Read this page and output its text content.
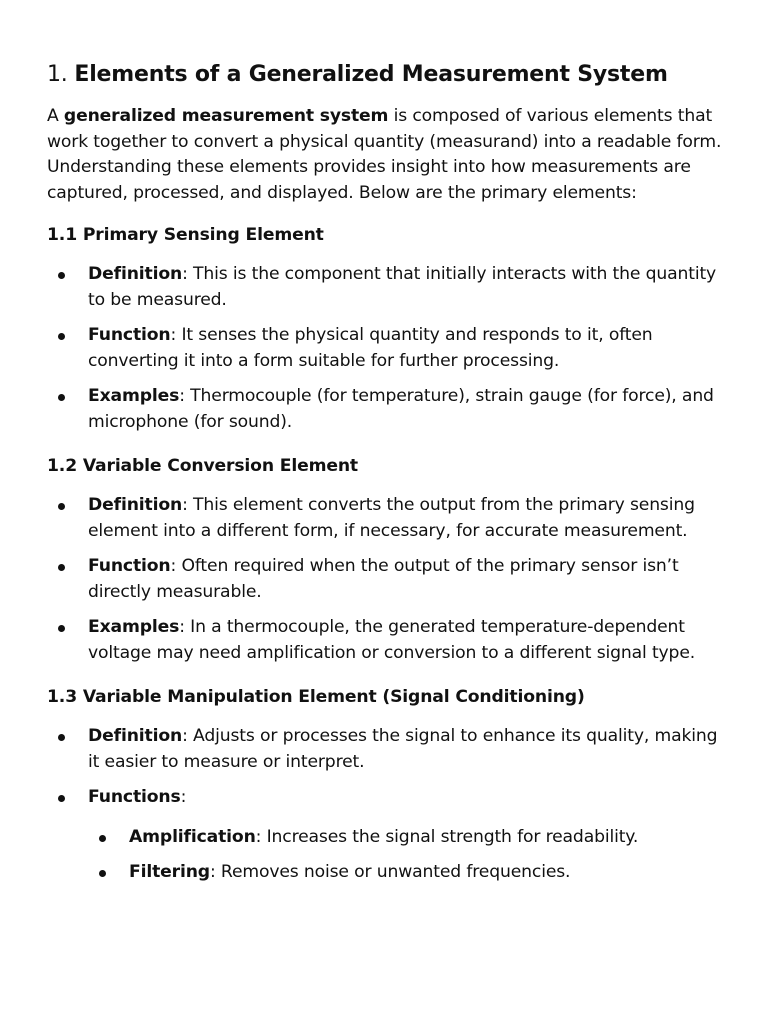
1. Elements of a Generalized Measurement System

A generalized measurement system is composed of various elements that work together to convert a physical quantity (measurand) into a readable form. Understanding these elements provides insight into how measurements are captured, processed, and displayed. Below are the primary elements:

1.1 Primary Sensing Element
Definition: This is the component that initially interacts with the quantity to be measured.
Function: It senses the physical quantity and responds to it, often converting it into a form suitable for further processing.
Examples: Thermocouple (for temperature), strain gauge (for force), and microphone (for sound).
1.2 Variable Conversion Element
Definition: This element converts the output from the primary sensing element into a different form, if necessary, for accurate measurement.
Function: Often required when the output of the primary sensor isn’t directly measurable.
Examples: In a thermocouple, the generated temperature-dependent voltage may need amplification or conversion to a different signal type.
1.3 Variable Manipulation Element (Signal Conditioning)
Definition: Adjusts or processes the signal to enhance its quality, making it easier to measure or interpret.
Functions:
Amplification: Increases the signal strength for readability.
Filtering: Removes noise or unwanted frequencies.
